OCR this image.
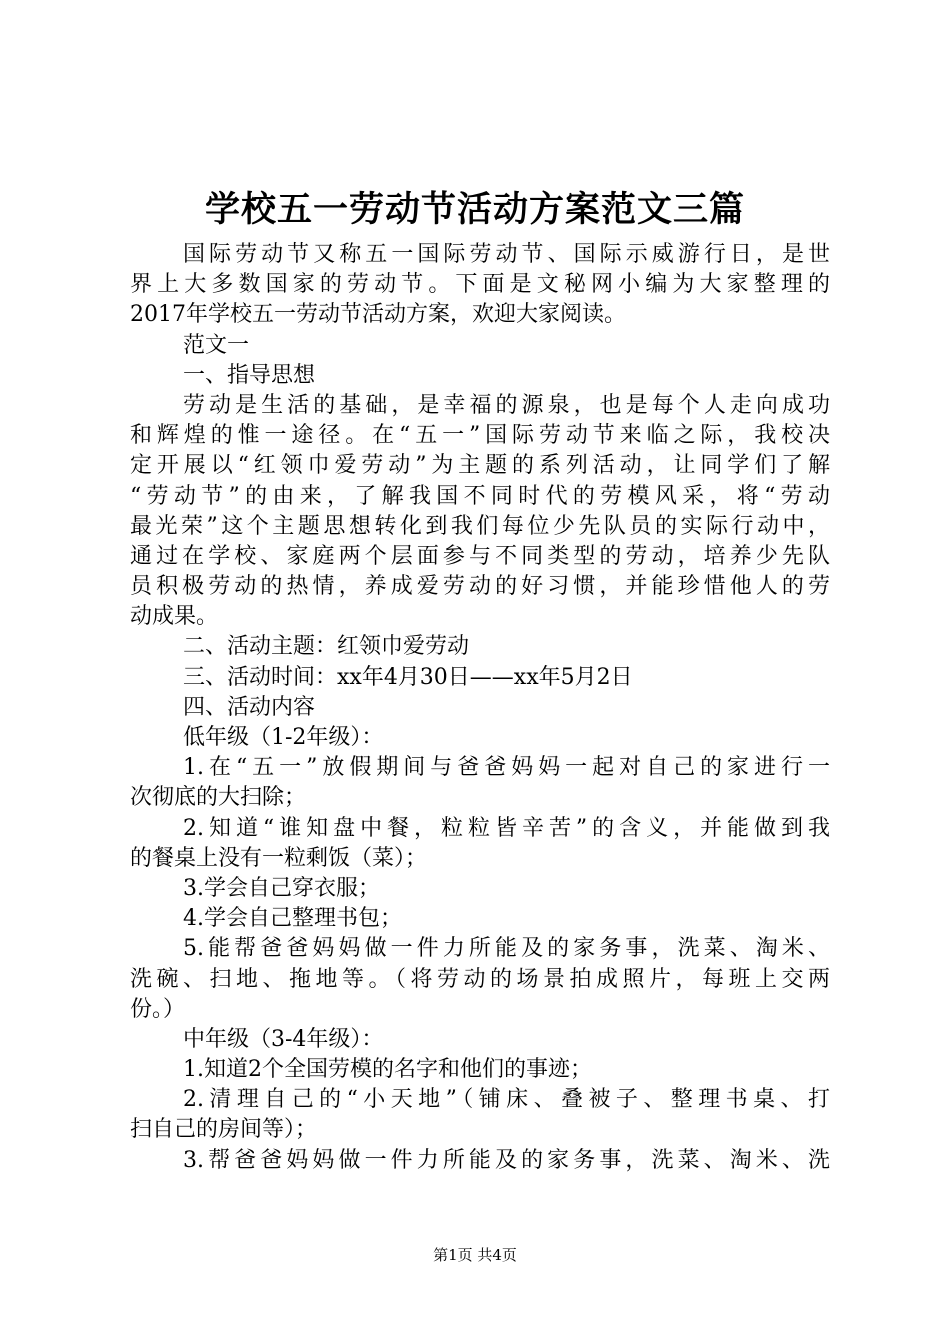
学校五一劳动节活动方案范文三篇
国际劳动节又称五一国际劳动节、国际示威游行日，是世
界上大多数国家的劳动节。下面是文秘网小编为大家整理的
2017年学校五一劳动节活动方案，欢迎大家阅读。
范文一
一、指导思想
劳动是生活的基础，是幸福的源泉，也是每个人走向成功
和辉煌的惟一途径。在“五一”国际劳动节来临之际，我校决
定开展以“红领巾爱劳动”为主题的系列活动，让同学们了解
“劳动节”的由来，了解我国不同时代的劳模风采，将“劳动
最光荣”这个主题思想转化到我们每位少先队员的实际行动中，
通过在学校、家庭两个层面参与不同类型的劳动，培养少先队
员积极劳动的热情，养成爱劳动的好习惯，并能珍惜他人的劳
动成果。
二、活动主题：红领巾爱劳动
三、活动时间：xx年4月30日——xx年5月2日
四、活动内容
低年级（1-2年级）：
1.在“五一”放假期间与爸爸妈妈一起对自己的家进行一
次彻底的大扫除；
2.知道“谁知盘中餐，粒粒皆辛苦”的含义，并能做到我
的餐桌上没有一粒剩饭（菜）；
3.学会自己穿衣服；
4.学会自己整理书包；
5.能帮爸爸妈妈做一件力所能及的家务事，洗菜、淘米、
洗碗、扫地、拖地等。（将劳动的场景拍成照片，每班上交两
份。）
中年级（3-4年级）：
1.知道2个全国劳模的名字和他们的事迹；
2.清理自己的“小天地”（铺床、叠被子、整理书桌、打
扫自己的房间等）；
3.帮爸爸妈妈做一件力所能及的家务事，洗菜、淘米、洗
第1页 共4页
